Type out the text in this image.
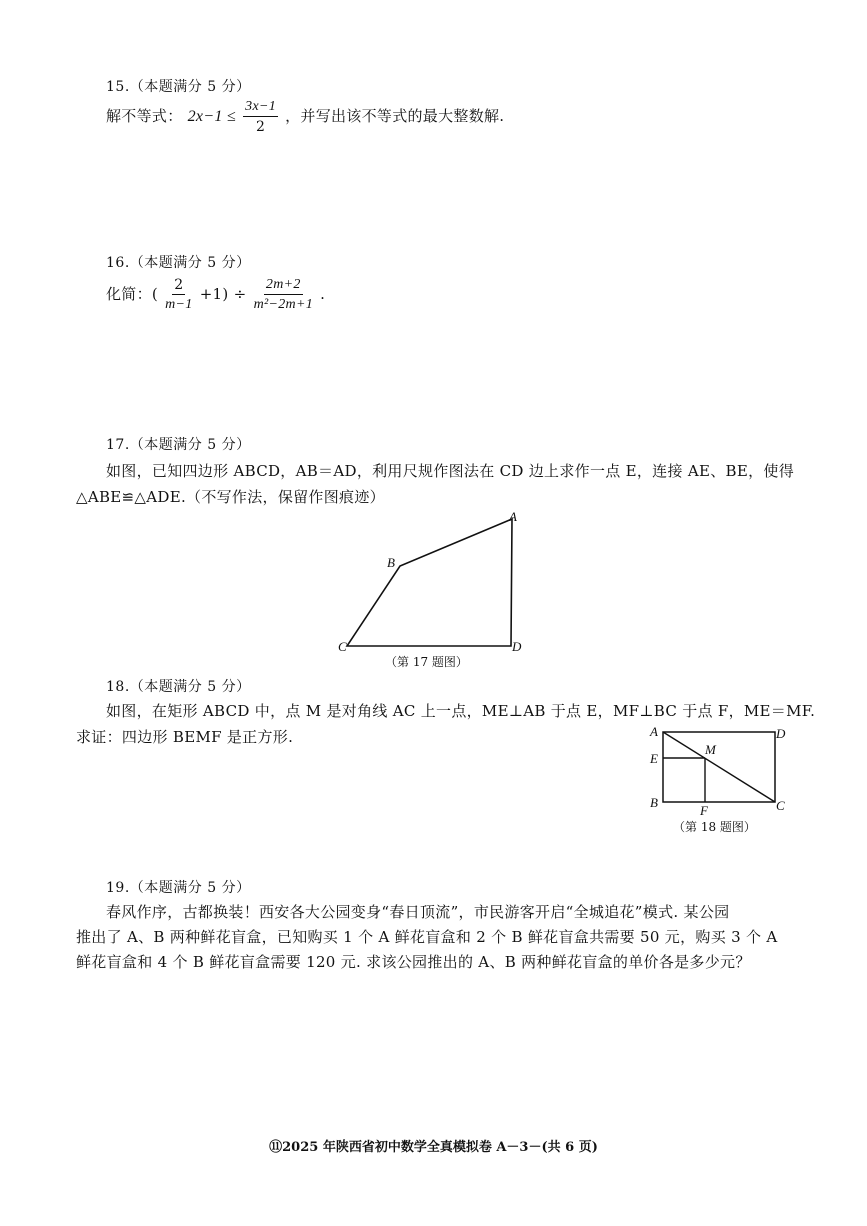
15.（本题满分 5 分）
解不等式： $2x-1 \le \frac{3x-1}{2}$ ，并写出该不等式的最大整数解.
16.（本题满分 5 分）
化简：( $\frac{2}{m-1} +1) \div \frac{2m+2}{\text{m²−2m+1}}$ .
17.（本题满分 5 分）
如图，已知四边形 ABCD，AB＝AD，利用尺规作图法在 CD 边上求作一点 E，连接 AE、BE，使得
△ABE≌△ADE.（不写作法，保留作图痕迹）
A
B
C	D
（第 17 题图）
18.（本题满分 5 分）
如图，在矩形 ABCD 中，点 M 是对角线 AC 上一点，ME⊥AB 于点 E，MF⊥BC 于点 F，ME＝MF.
求证：四边形 BEMF 是正方形.	A	D
E
M
B
F	C
（第 18 题图）
19.（本题满分 5 分）
春风作序，古都换装！西安各大公园变身“春日顶流”，市民游客开启“全城追花”模式. 某公园
推出了 A、B 两种鲜花盲盒，已知购买 1 个 A 鲜花盲盒和 2 个 B 鲜花盲盒共需要 50 元，购买 3 个 A
鲜花盲盒和 4 个 B 鲜花盲盒需要 120 元. 求该公园推出的 A、B 两种鲜花盲盒的单价各是多少元？
⑪2025 年陕西省初中数学全真模拟卷 A－3－(共 6 页)
